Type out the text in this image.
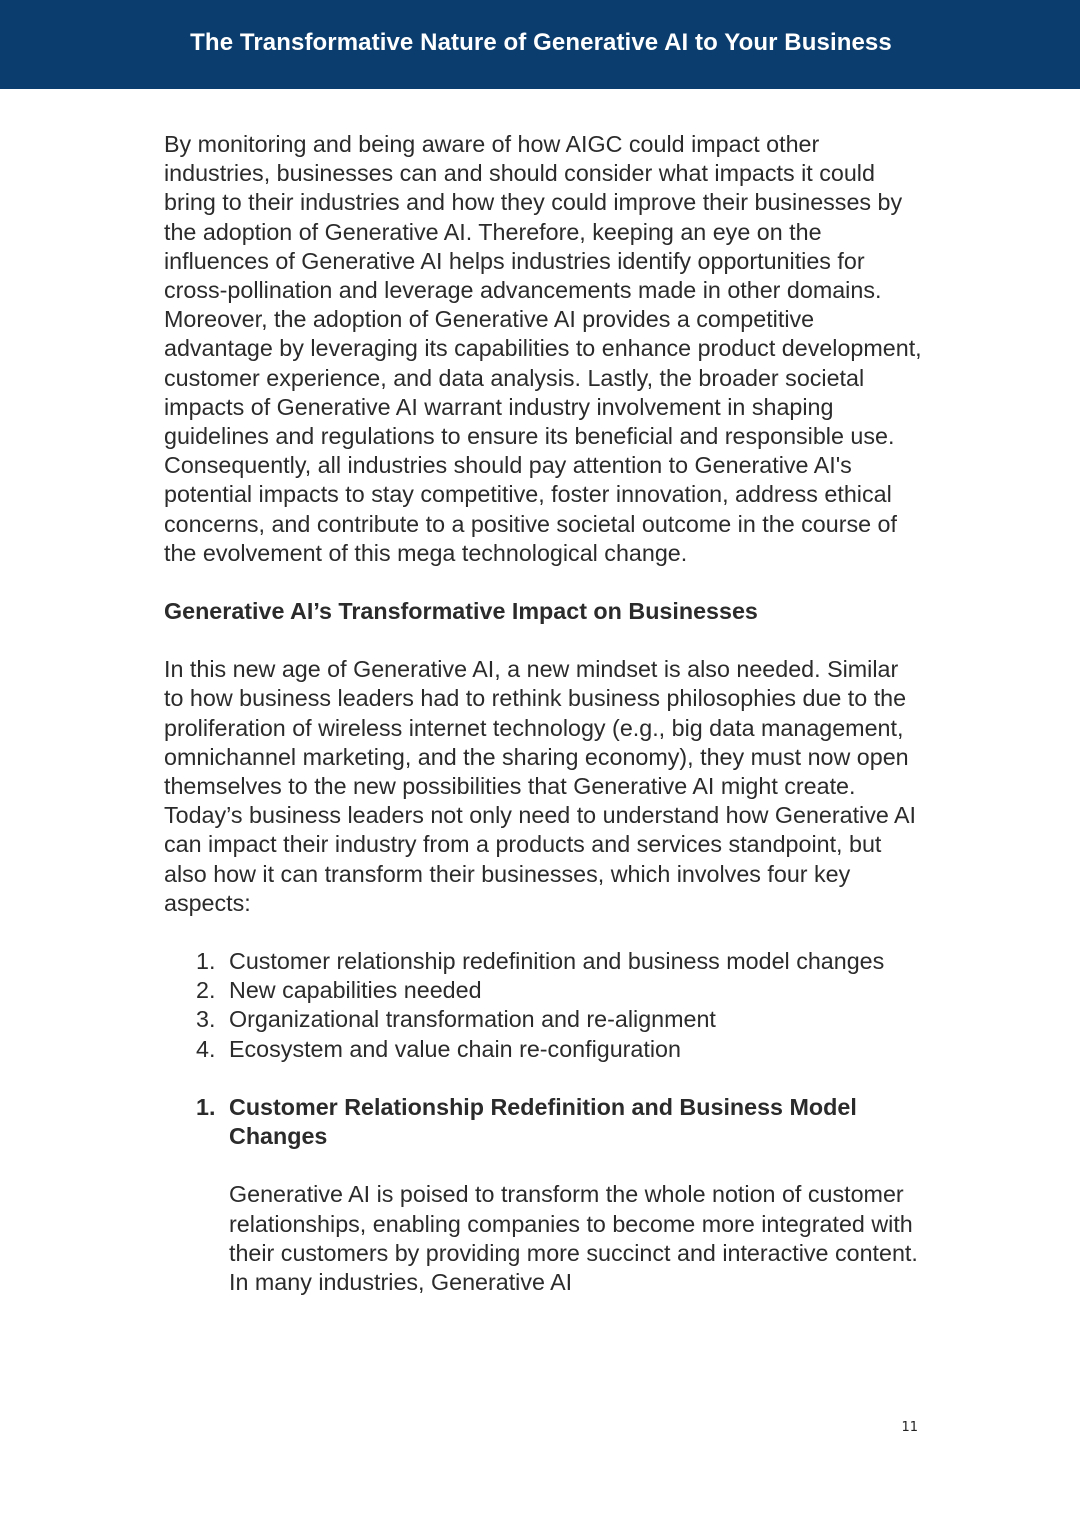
The Transformative Nature of Generative AI to Your Business

By monitoring and being aware of how AIGC could impact other industries, businesses can and should consider what impacts it could bring to their industries and how they could improve their businesses by the adoption of Generative AI. Therefore, keeping an eye on the influences of Generative AI helps industries identify opportunities for cross-pollination and leverage advancements made in other domains. Moreover, the adoption of Generative AI provides a competitive advantage by leveraging its capabilities to enhance product development, customer experience, and data analysis. Lastly, the broader societal impacts of Generative AI warrant industry involvement in shaping guidelines and regulations to ensure its beneficial and responsible use. Consequently, all industries should pay attention to Generative AI's potential impacts to stay competitive, foster innovation, address ethical concerns, and contribute to a positive societal outcome in the course of the evolvement of this mega technological change.

Generative AI’s Transformative Impact on Businesses

In this new age of Generative AI, a new mindset is also needed. Similar to how business leaders had to rethink business philosophies due to the proliferation of wireless internet technology (e.g., big data management, omnichannel marketing, and the sharing economy), they must now open themselves to the new possibilities that Generative AI might create. Today’s business leaders not only need to understand how Generative AI can impact their industry from a products and services standpoint, but also how it can transform their businesses, which involves four key aspects:

1. Customer relationship redefinition and business model changes
2. New capabilities needed
3. Organizational transformation and re-alignment
4. Ecosystem and value chain re-configuration

1. Customer Relationship Redefinition and Business Model Changes

Generative AI is poised to transform the whole notion of customer relationships, enabling companies to become more integrated with their customers by providing more succinct and interactive content. In many industries, Generative AI

11
